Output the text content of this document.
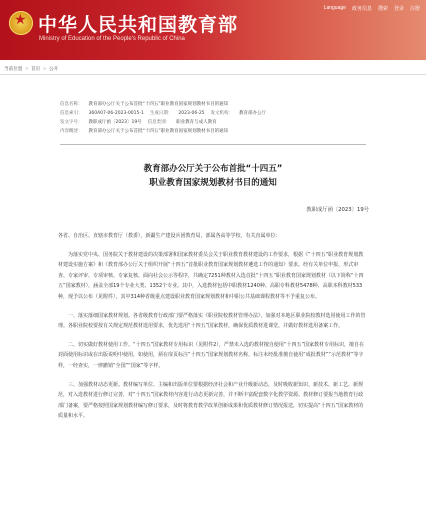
★
中华人民共和国教育部
Ministry of Education of the People's Republic of China
Language 政务信息 搜索 登录 注册
当前位置 > 首页 > 公开
信息名称： 教育部办公厅关于公布首批“十四五”职业教育国家规划教材书目的通知
信息索引： 360A07-06-2023-0015-1 生成日期： 2023-06-25 发文机构： 教育部办公厅
发文字号： 教职成厅函〔2023〕19号 信息类别： 职业教育与成人教育
内容概述： 教育部办公厅关于公布首批“十四五”职业教育国家规划教材书目的通知
教育部办公厅关于公布首批“十四五”
职业教育国家规划教材书目的通知
教职成厅函〔2023〕19号

各省、自治区、直辖市教育厅（教委），新疆生产建设兵团教育局，部属各高等学校，有关直属单位：

为落实党中央、国务院关于教材建设的决策部署和国家教材委员会关于职业教育教材建设的工作要求，根据《“十四五”职业教育规划教材建设实施方案》和《教育部办公厅关于组织开展“十四五”首批职业教育国家规划教材遴选工作的通知》要求，经有关单位申报、形式审查、专家评审、专项审核、专家复核、面向社会公示等程序，共确定7251种教材入选首批“十四五”职业教育国家规划教材（以下简称“十四五”国家教材），涵盖全部19个专业大类、1352个专业。其中，入选教材包括中职教材1240种、高职专科教材5478种、高职本科教材533种，现予以公布（见附件），其中314种省级重点建设职业教育国家规划教材和中职公共基础课程教材等不予重复公布。

一、落实落细国家教材规划。各省级教育行政部门要严格落实《职业院校教材管理办法》，加强对本地区职业院校教材选用使用工作的管理。各职业院校要按有关规定规范教材选用要求，优先选用“十四五”国家教材，确保优质教材进课堂，并做好教材选用备案工作。

二、切实做好教材使用工作。“十四五”国家教材专用标识（见附件2），严禁未入选的教材擅自使用“十四五”国家教材专用标识，擅自在封面使用标识或在出版说明中使用，如使用，须在扉页标注“十四五”国家规划教材名称，标注未经批准擅自使用“成批教材”“示范教材”等字样，一经查实，一律撤销“全国”“国家”等字样。

三、加强教材动态更新。教材编写单位、主编和出版单位要根据经济社会和产业升级新动态，及时吸收新知识、新技术、新工艺、新规范，对入选教材进行修订完善，对“十四五”国家教材内容进行动态更新完善，并不断丰富配套数字化教学资源。教材修订要报当地教育行政部门备案，要严格按照国家规划教材编写修订要求，及时将教育教学改革创新成果和优质教材修订情况报送，切实提高“十四五”国家教材的质量和水平。
